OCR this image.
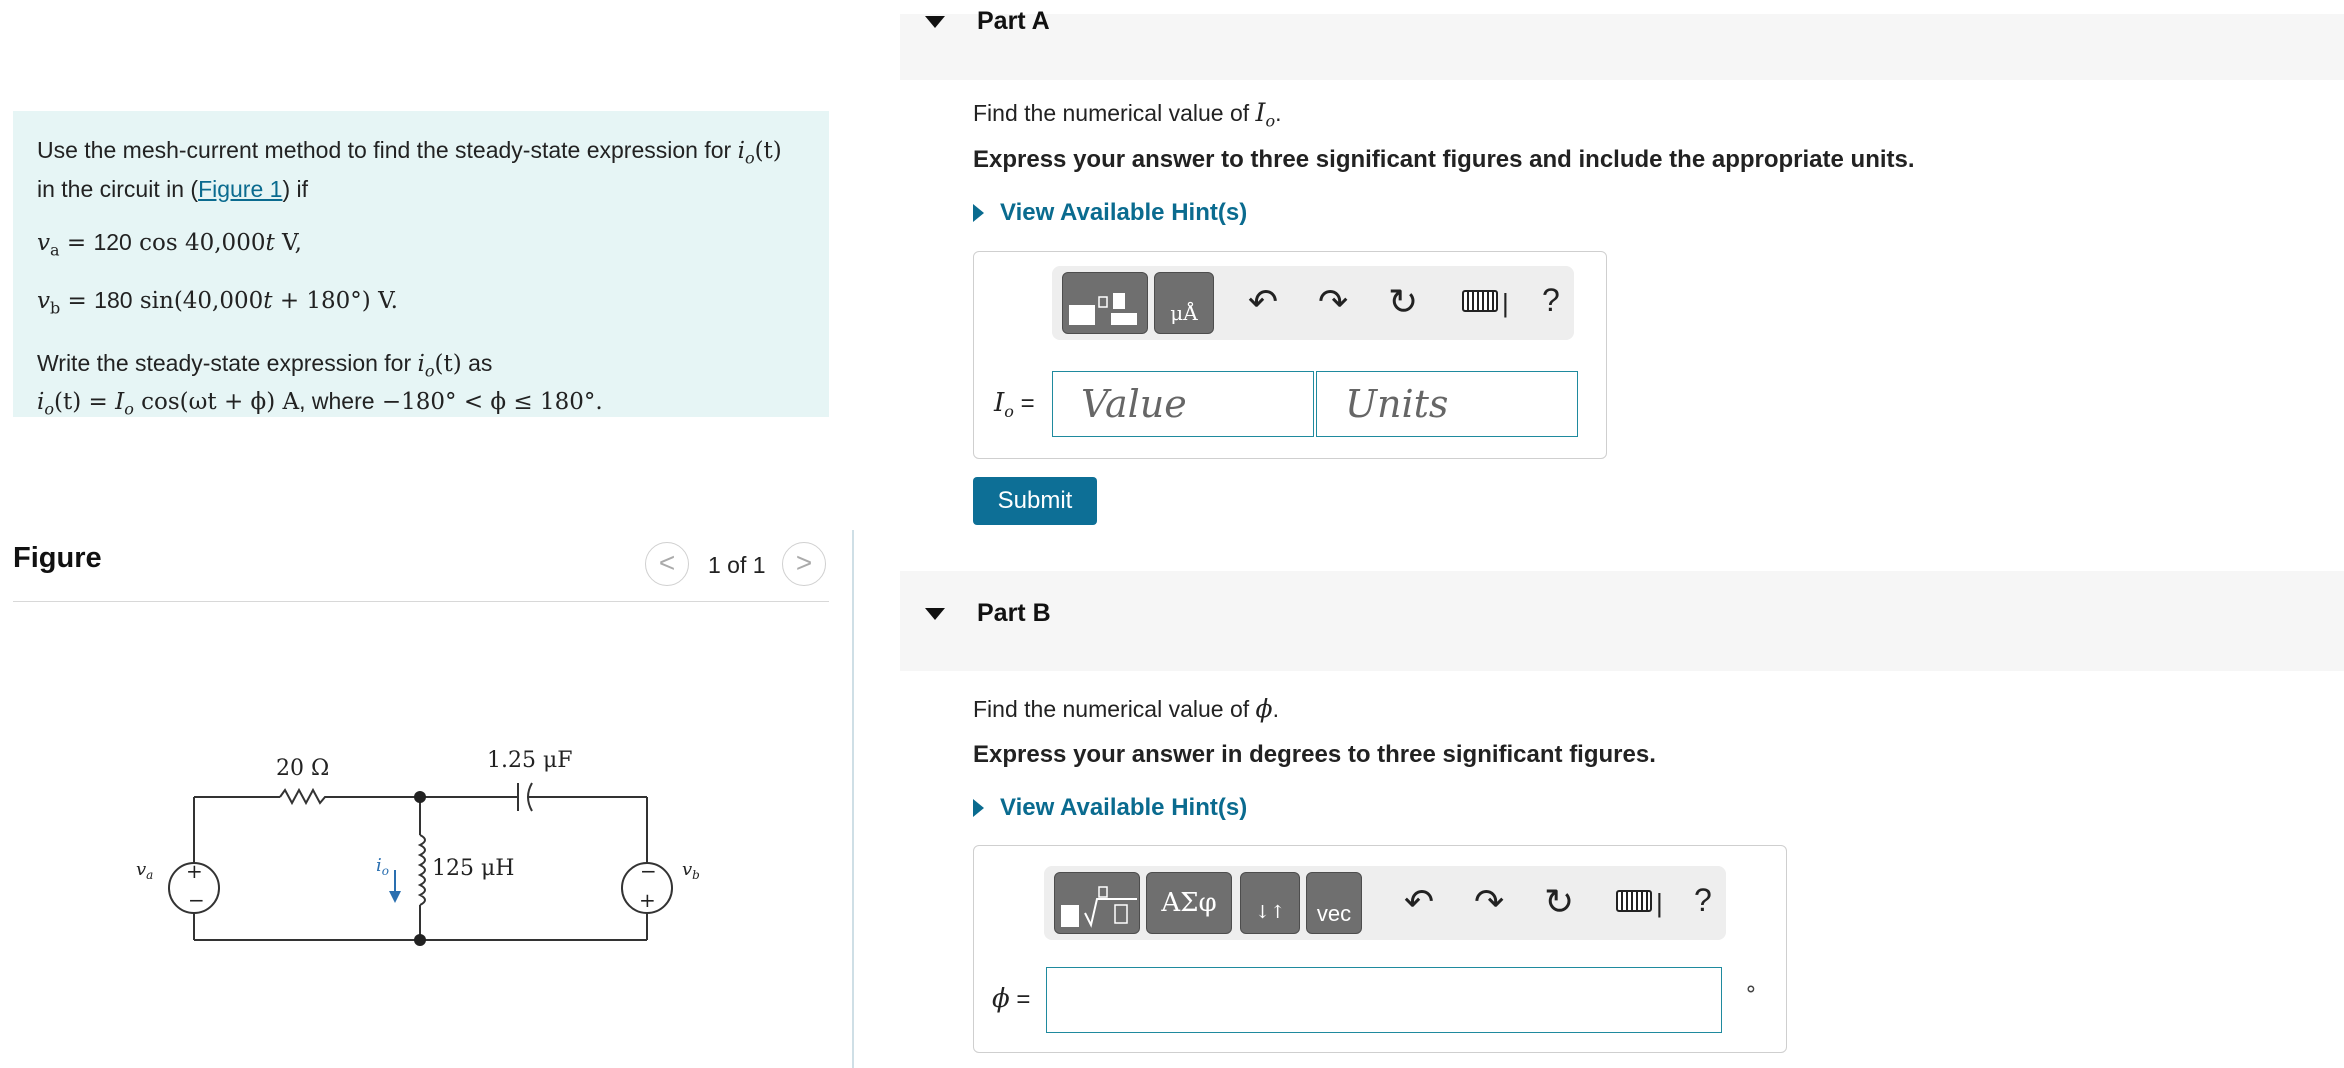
Use the mesh-current method to find the steady-state expression for $i_o(t)$
in the circuit in (Figure 1) if

$v_a = 120$ cos 40,000t V,

$v_b = 180$ sin(40,000t + 180°) V.

Write the steady-state expression for $i_o(t)$ as
$i_o(t) = I_o$ cos(ωt + ϕ) A, where −180° < ϕ ≤ 180°.

Figure	<	1 of 1	>
20 Ω	1.25 μF
125 μH
+
−
−
+
$v_a$	$v_b$
$i_o$
Part A
Find the numerical value of $I_o$.
Express your answer to three significant figures and include the appropriate units.
View Available Hint(s)
μÅ	↶ ↷ ↻	| ?
$I_o$ =
Value
Units
Submit
Part B
Find the numerical value of ϕ.
Express your answer in degrees to three significant figures.
View Available Hint(s)
ΑΣφ	↓↑	vec	↶ ↷ ↻	| ?
ϕ =	∘
